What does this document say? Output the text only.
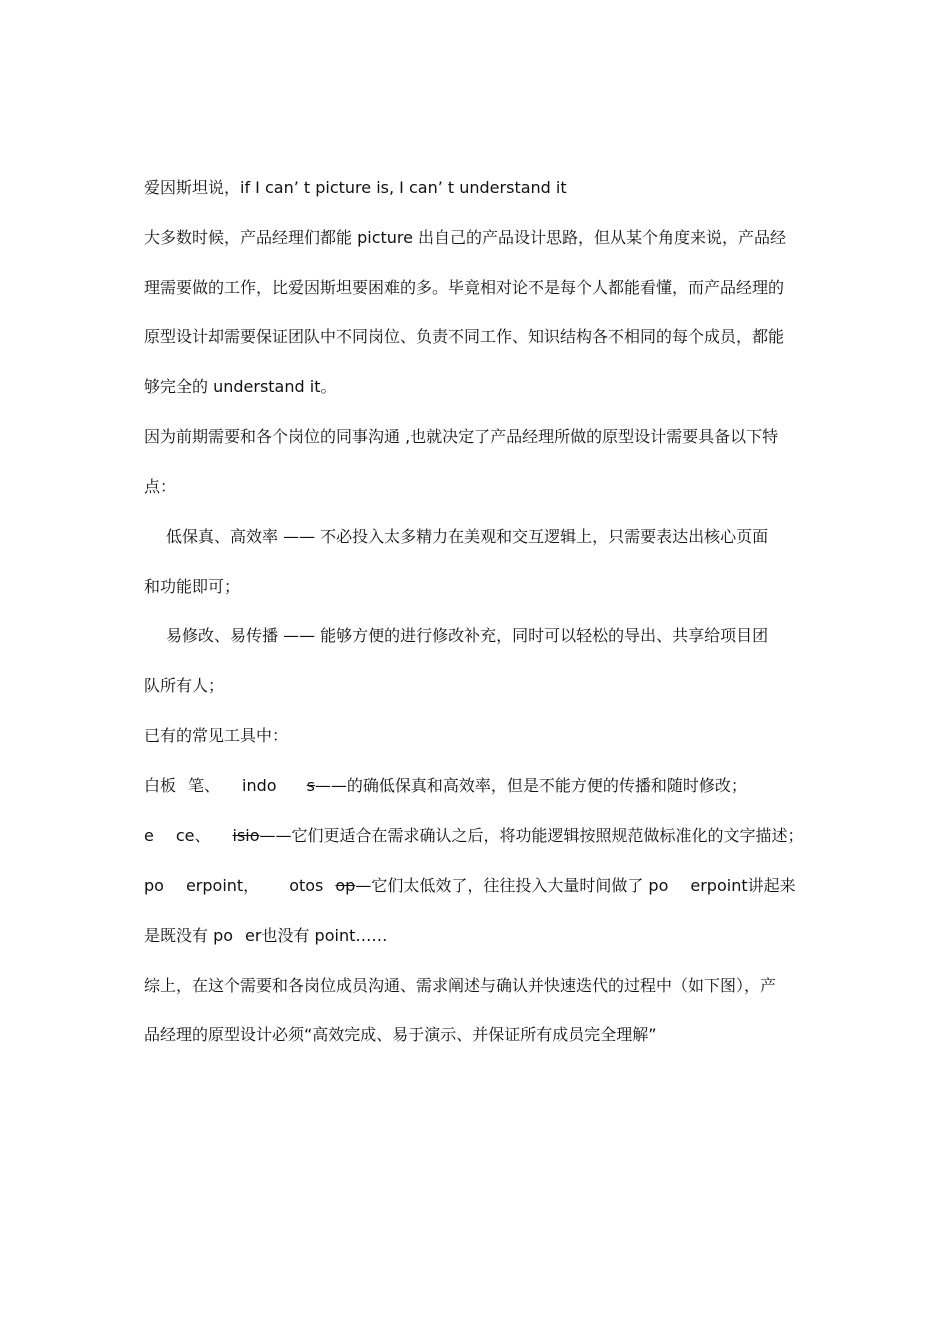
爱因斯坦说，if I can’ t picture is, I can’ t understand it
大多数时候，产品经理们都能 picture 出自己的产品设计思路，但从某个角度来说，产品经
理需要做的工作，比爱因斯坦要困难的多。毕竟相对论不是每个人都能看懂，而产品经理的
原型设计却需要保证团队中不同岗位、负责不同工作、知识结构各不相同的每个成员，都能
够完全的 understand it。
因为前期需要和各个岗位的同事沟通 ,也就决定了产品经理所做的原型设计需要具备以下特
点：
低保真、高效率 —— 不必投入太多精力在美观和交互逻辑上，只需要表达出核心页面
和功能即可；
易修改、易传播 —— 能够方便的进行修改补充，同时可以轻松的导出、共享给项目团
队所有人；
已有的常见工具中：
白板 笔、 indo s——的确低保真和高效率，但是不能方便的传播和随时修改；
e ce、 isio——它们更适合在需求确认之后，将功能逻辑按照规范做标准化的文字描述；
po erpoint， otos op—它们太低效了，往往投入大量时间做了 po erpoint讲起来
是既没有 po er也没有 point……
综上，在这个需要和各岗位成员沟通、需求阐述与确认并快速迭代的过程中（如下图），产
品经理的原型设计必须“高效完成、易于演示、并保证所有成员完全理解”
